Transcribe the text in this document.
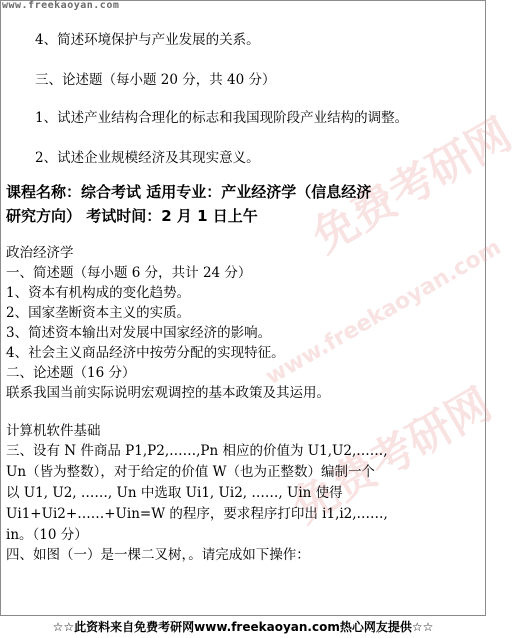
www.freekaoyan.com
免费考研网
www.freekaoyan.com
免费考研网
4、简述环境保护与产业发展的关系。
三、论述题（每小题 20 分，共 40 分）
1、试述产业结构合理化的标志和我国现阶段产业结构的调整。
2、试述企业规模经济及其现实意义。
课程名称：综合考试 适用专业：产业经济学（信息经济
研究方向） 考试时间：2 月 1 日上午
政治经济学
一、简述题（每小题 6 分，共计 24 分）
1、资本有机构成的变化趋势。
2、国家垄断资本主义的实质。
3、简述资本输出对发展中国家经济的影响。
4、社会主义商品经济中按劳分配的实现特征。
二、论述题（16 分）
联系我国当前实际说明宏观调控的基本政策及其运用。
计算机软件基础
三、设有 N 件商品 P1,P2,……,Pn 相应的价值为 U1,U2,……,
Un（皆为整数），对于给定的价值 W（也为正整数）编制一个
以 U1, U2, ……, Un 中选取 Ui1, Ui2, ……, Uin 使得
Ui1+Ui2+……+Uin=W 的程序，要求程序打印出 i1,i2,……,
in。（10 分）
四、如图（一）是一棵二叉树，。请完成如下操作：
☆☆此资料来自免费考研网www.freekaoyan.com热心网友提供☆☆
